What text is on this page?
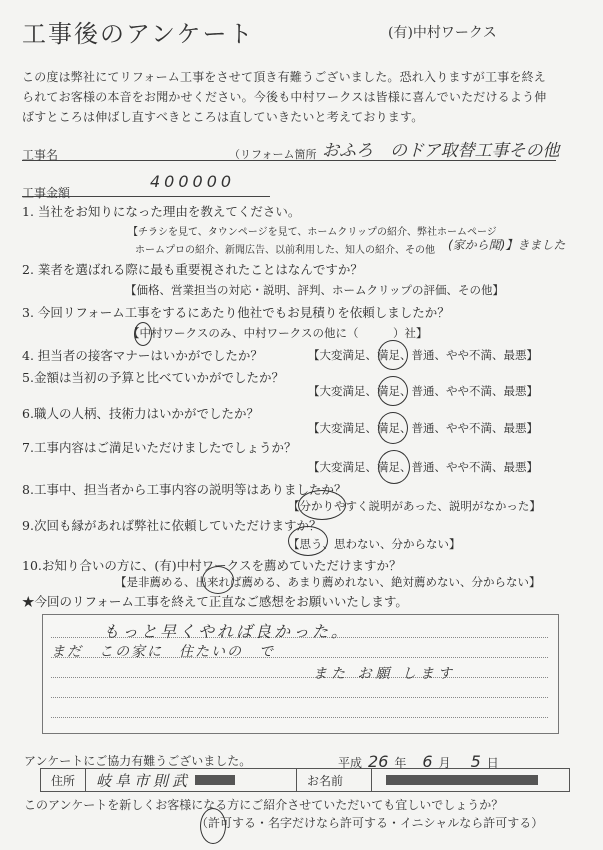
工事後のアンケート	(有)中村ワークス
この度は弊社にてリフォーム工事をさせて頂き有難うございました。恐れ入りますが工事を終え
られてお客様の本音をお聞かせください。今後も中村ワークスは皆様に喜んでいただけるよう伸
ばすところは伸ばし直すべきところは直していきたいと考えております。
工事名	（リフォーム箇所 おふろ　のドア取替工事その他
工事金額
400000
1. 当社をお知りになった理由を教えてください。
【チラシを見て、タウンページを見て、ホームクリップの紹介、弊社ホームページ
ホームプロの紹介、新聞広告、以前利用した、知人の紹介、その他 (家から聞)】きました
2. 業者を選ばれる際に最も重要視されたことはなんですか？
【価格、営業担当の対応・説明、評判、ホームクリップの評価、その他】
3. 今回リフォーム工事をするにあたり他社でもお見積りを依頼しましたか？
【中村ワークスのみ、中村ワークスの他に（　　　）社】
4. 担当者の接客マナーはいかがでしたか？	【大変満足、満足、普通、やや不満、最悪】
5.金額は当初の予算と比べていかがでしたか？
【大変満足、満足、普通、やや不満、最悪】
6.職人の人柄、技術力はいかがでしたか？
【大変満足、満足、普通、やや不満、最悪】
7.工事内容はご満足いただけましたでしょうか？
【大変満足、満足、普通、やや不満、最悪】
8.工事中、担当者から工事内容の説明等はありましたか？
【分かりやすく説明があった、説明がなかった】
9.次回も縁があれば弊社に依頼していただけますか？
【思う、思わない、分からない】
10.お知り合いの方に、(有)中村ワークスを薦めていただけますか？
【是非薦める、出来れば薦める、あまり薦めれない、絶対薦めない、分からない】
★今回のリフォーム工事を終えて正直なご感想をお願いいたします。
もっと早くやれば良かった。
まだ　この家に　住たいの　で
また お願 します
アンケートにご協力有難うございました。	平成 26 年 6 月 5 日
住所	岐阜市則武	お名前
このアンケートを新しくお客様になる方にご紹介させていただいても宜しいでしょうか？
（許可する・名字だけなら許可する・イニシャルなら許可する）
